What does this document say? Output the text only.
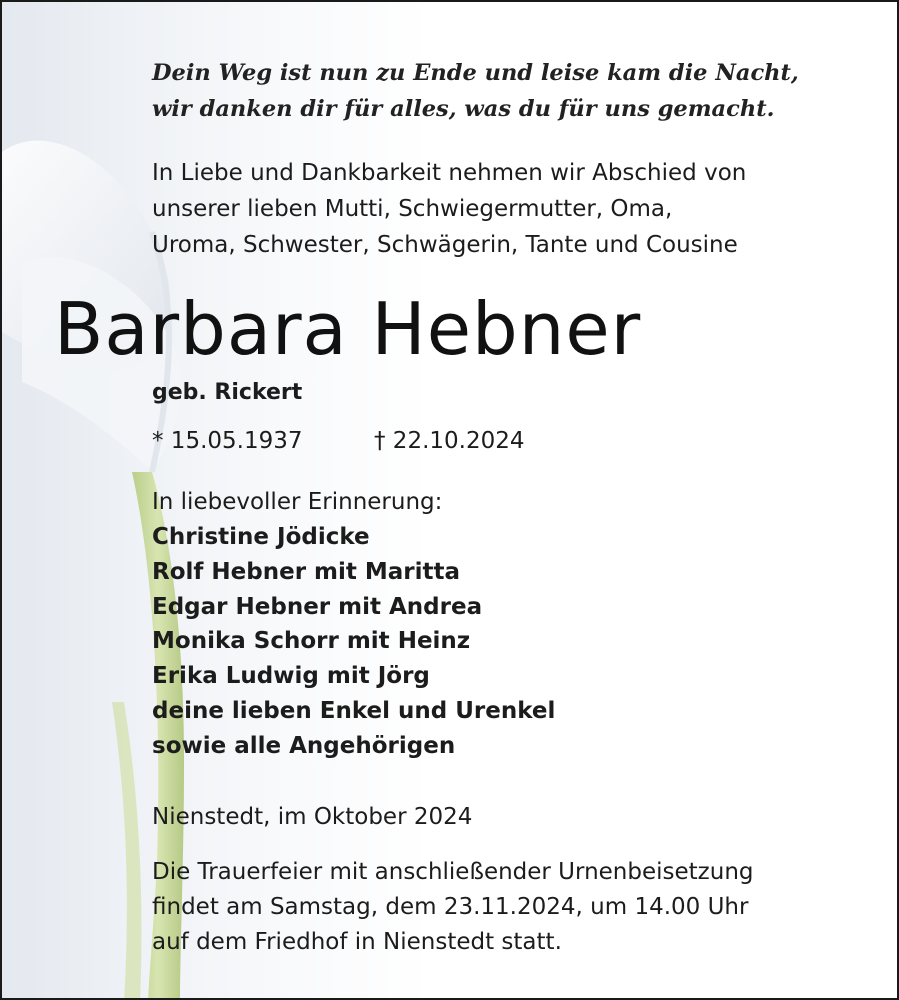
Dein Weg ist nun zu Ende und leise kam die Nacht,
wir danken dir für alles, was du für uns gemacht.
In Liebe und Dankbarkeit nehmen wir Abschied von
unserer lieben Mutti, Schwiegermutter, Oma,
Uroma, Schwester, Schwägerin, Tante und Cousine
Barbara Hebner
geb. Rickert
* 15.05.1937	† 22.10.2024
In liebevoller Erinnerung:
Christine Jödicke
Rolf Hebner mit Maritta
Edgar Hebner mit Andrea
Monika Schorr mit Heinz
Erika Ludwig mit Jörg
deine lieben Enkel und Urenkel
sowie alle Angehörigen
Nienstedt, im Oktober 2024
Die Trauerfeier mit anschließender Urnenbeisetzung
findet am Samstag, dem 23.11.2024, um 14.00 Uhr
auf dem Friedhof in Nienstedt statt.
